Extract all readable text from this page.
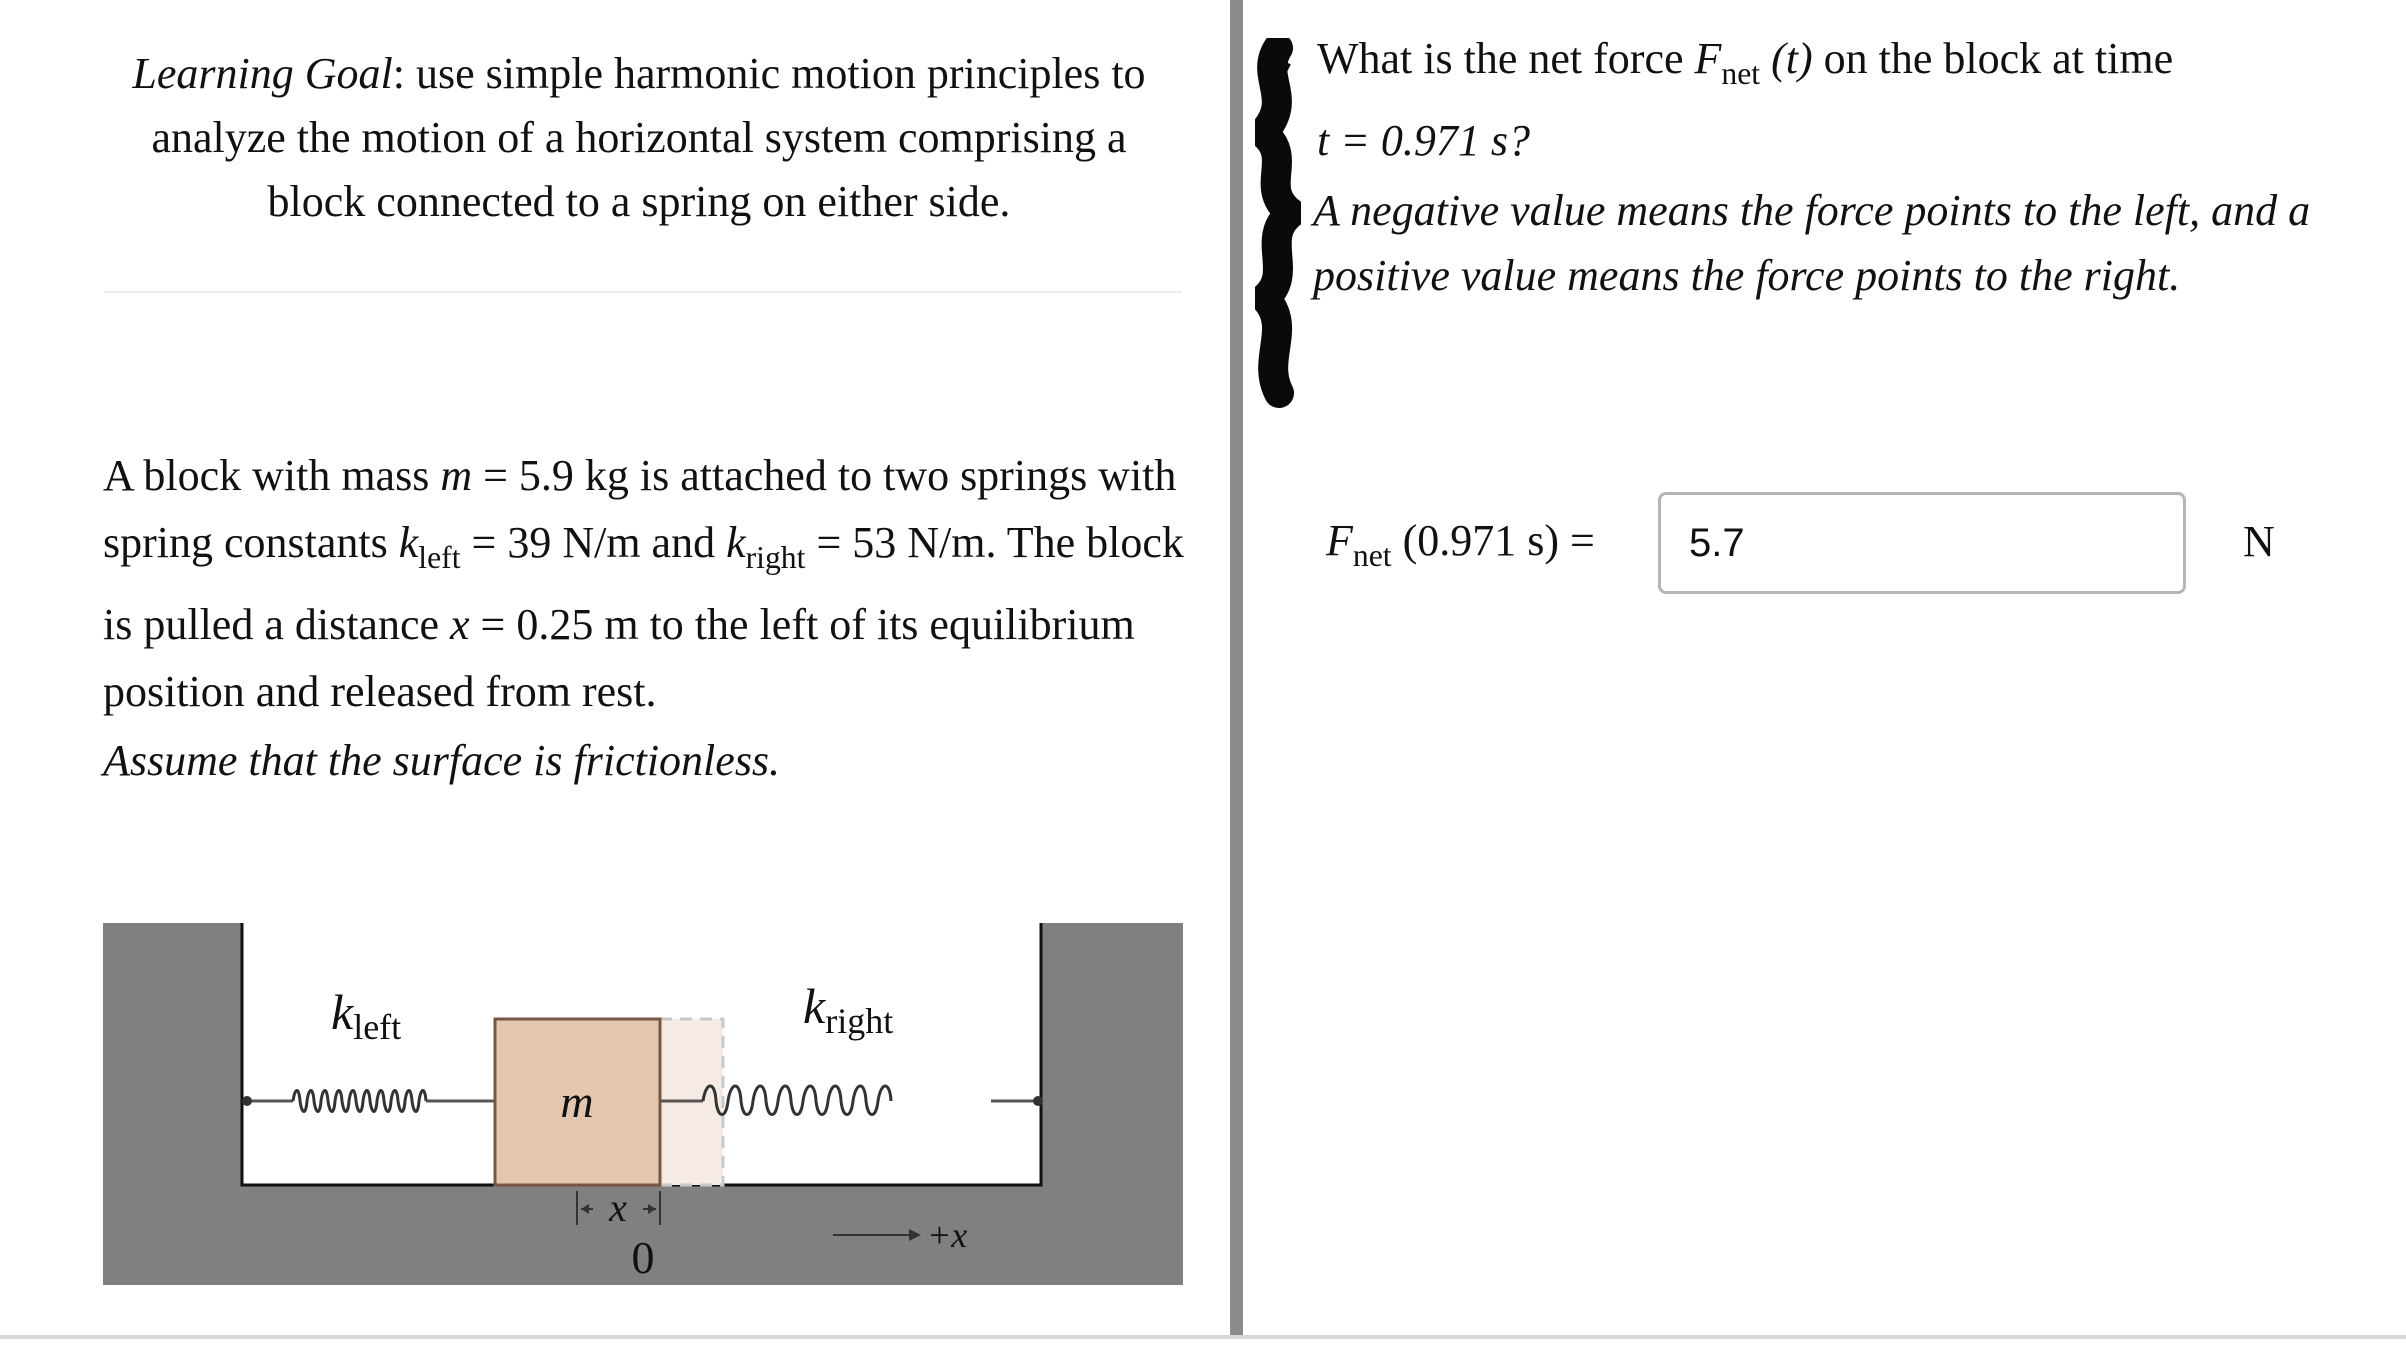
Learning Goal: use simple harmonic motion principles to analyze the motion of a horizontal system comprising a block connected to a spring on either side.
A block with mass m = 5.9 kg is attached to two springs with spring constants $k_{left} = 39$ N/m and $k_{right} = 53$ N/m. The block is pulled a distance x = 0.25 m to the left of its equilibrium position and released from rest.
Assume that the surface is frictionless.
m
$k_{left}$	$k_{right}$
x
0	+x
What is the net force $F_{net}$ (t) on the block at time
t = 0.971 s?
A negative value means the force points to the left, and a positive value means the force points to the right.
$F_{net}$ (0.971 s) =
5.7	N
